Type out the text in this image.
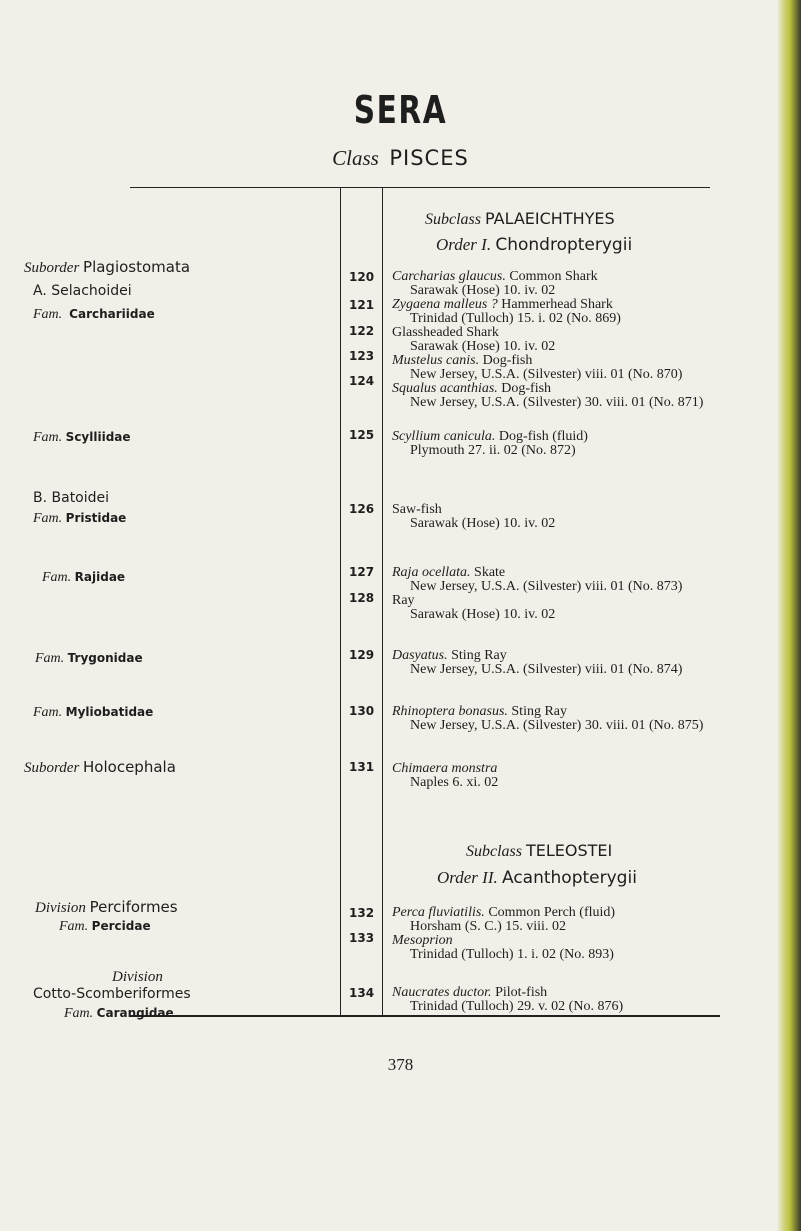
SERA
Class PISCES
Suborder Plagiostomata
A. Selachoidei
Fam. Carchariidae
Fam. Scylliidae
B. Batoidei
Fam. Pristidae
Fam. Rajidae
Fam. Trygonidae
Fam. Myliobatidae
Suborder Holocephala
Division Perciformes
Fam. Percidae
Division
Cotto-Scomberiformes
Fam. Carangidae
Subclass PALAEICHTHYES
Order I. Chondropterygii
Subclass TELEOSTEI
Order II. Acanthopterygii
120 Carcharias glaucus. Common Shark
Sarawak (Hose) 10. iv. 02
121 Zygaena malleus ? Hammerhead Shark
Trinidad (Tulloch) 15. i. 02 (No. 869)
122 Glassheaded Shark
Sarawak (Hose) 10. iv. 02
123 Mustelus canis. Dog-fish
New Jersey, U.S.A. (Silvester) viii. 01 (No. 870)
124 Squalus acanthias. Dog-fish
New Jersey, U.S.A. (Silvester) 30. viii. 01 (No. 871)
125 Scyllium canicula. Dog-fish (fluid)
Plymouth 27. ii. 02 (No. 872)
126 Saw-fish
Sarawak (Hose) 10. iv. 02
127 Raja ocellata. Skate
New Jersey, U.S.A. (Silvester) viii. 01 (No. 873)
128 Ray
Sarawak (Hose) 10. iv. 02
129 Dasyatus. Sting Ray
New Jersey, U.S.A. (Silvester) viii. 01 (No. 874)
130 Rhinoptera bonasus. Sting Ray
New Jersey, U.S.A. (Silvester) 30. viii. 01 (No. 875)
131 Chimaera monstra
Naples 6. xi. 02
132 Perca fluviatilis. Common Perch (fluid)
Horsham (S. C.) 15. viii. 02
133 Mesoprion
Trinidad (Tulloch) 1. i. 02 (No. 893)
134 Naucrates ductor. Pilot-fish
Trinidad (Tulloch) 29. v. 02 (No. 876)
378
